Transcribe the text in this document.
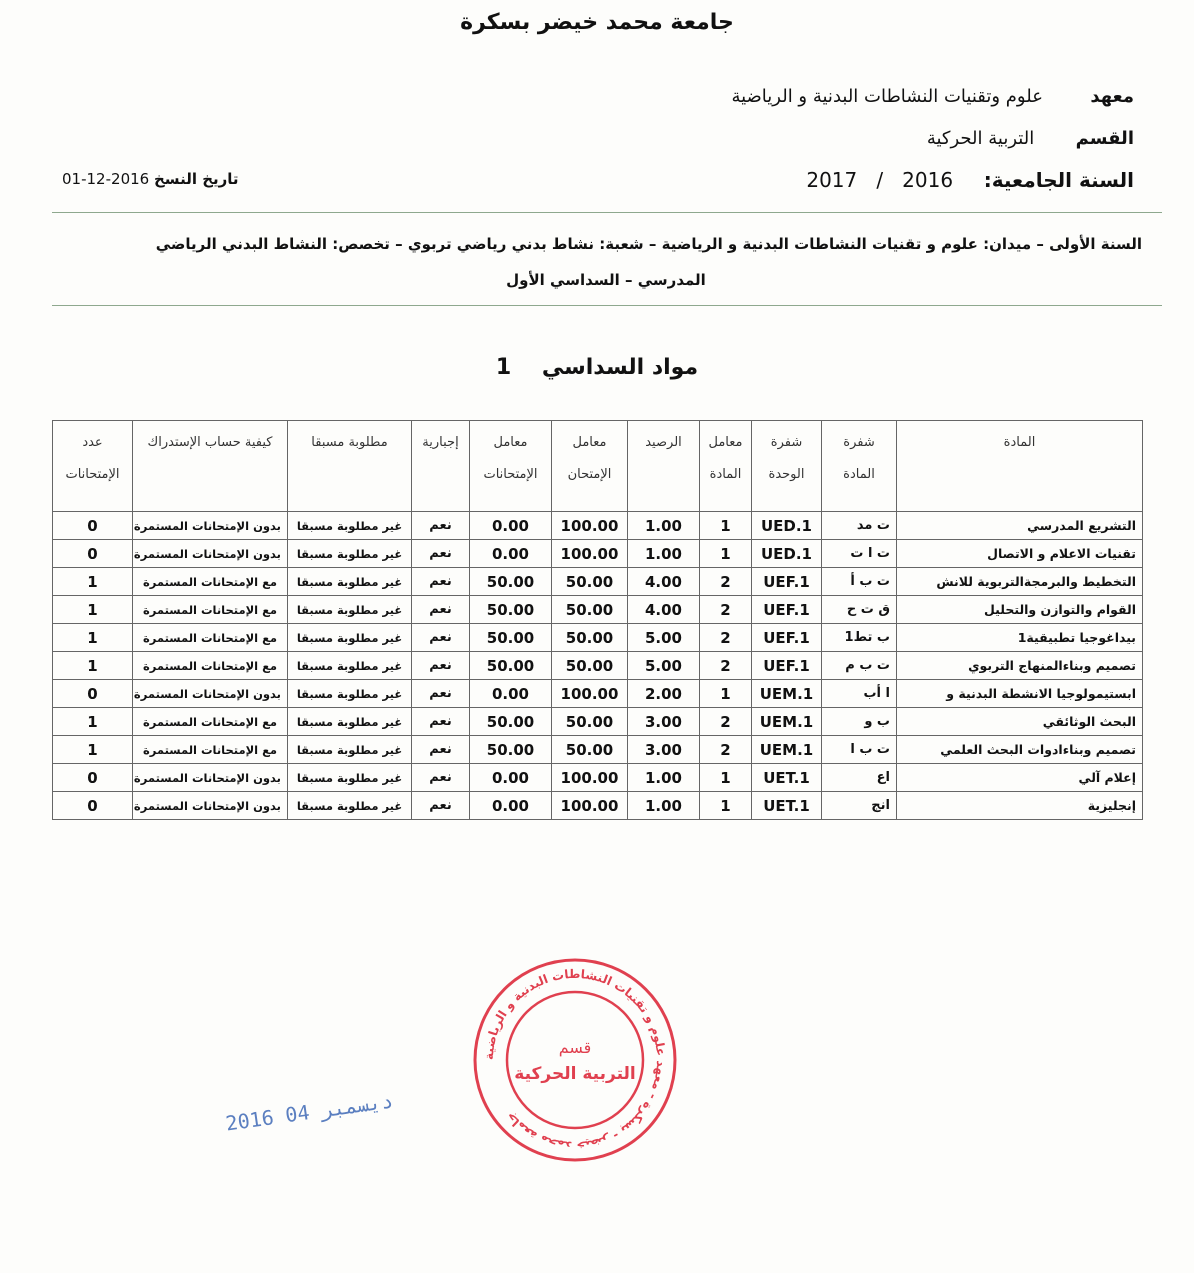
جامعة محمد خيضر بسكرة
معهد  علوم وتقنيات النشاطات البدنية و الرياضية
القسم  التربية الحركية
السنة الجامعية:  2016   /   2017
تاريخ النسخ 2016-12-01
السنة الأولى – ميدان: علوم و تقنيات النشاطات البدنية و الرياضية – شعبة: نشاط بدني رياضي تربوي – تخصص: النشاط البدني الرياضي
المدرسي – السداسي الأول
مواد السداسي    1
المادة	شفرة المادة	شفرة الوحدة	معامل المادة	الرصيد	معامل الإمتحان	معامل الإمتحانات	إجبارية	مطلوبة مسبقا	كيفية حساب الإستدراك	عدد الإمتحانات
التشريع المدرسي	ت مد	UED.1	1	1.00	100.00	0.00	نعم	غير مطلوبة مسبقا	بدون الإمتحانات المستمرة	0
تقنيات الاعلام و الاتصال	ت ا ت	UED.1	1	1.00	100.00	0.00	نعم	غير مطلوبة مسبقا	بدون الإمتحانات المستمرة	0
التخطيط والبرمجةالتربوية للانش	ت ب أ	UEF.1	2	4.00	50.00	50.00	نعم	غير مطلوبة مسبقا	مع الإمتحانات المستمرة	1
القوام والتوازن والتحليل	ق ت ح	UEF.1	2	4.00	50.00	50.00	نعم	غير مطلوبة مسبقا	مع الإمتحانات المستمرة	1
بيداغوجيا تطبيقية1	ب تط1	UEF.1	2	5.00	50.00	50.00	نعم	غير مطلوبة مسبقا	مع الإمتحانات المستمرة	1
تصميم وبناءالمنهاج التربوي	ت ب م	UEF.1	2	5.00	50.00	50.00	نعم	غير مطلوبة مسبقا	مع الإمتحانات المستمرة	1
ابستيمولوجيا الانشطة البدنية و	ا أب	UEM.1	1	2.00	100.00	0.00	نعم	غير مطلوبة مسبقا	بدون الإمتحانات المستمرة	0
البحث الوثائقي	ب و	UEM.1	2	3.00	50.00	50.00	نعم	غير مطلوبة مسبقا	مع الإمتحانات المستمرة	1
تصميم وبناءادوات البحث العلمي	ت ب ا	UEM.1	2	3.00	50.00	50.00	نعم	غير مطلوبة مسبقا	مع الإمتحانات المستمرة	1
إعلام آلي	اع	UET.1	1	1.00	100.00	0.00	نعم	غير مطلوبة مسبقا	بدون الإمتحانات المستمرة	0
إنجليزية	انج	UET.1	1	1.00	100.00	0.00	نعم	غير مطلوبة مسبقا	بدون الإمتحانات المستمرة	0
جامعة محمد خيضر - بسكرة - معهد علوم و تقنيات النشاطات البدنية و الرياضية
قسم
التربية الحركية
2016 ديسمبر 04
